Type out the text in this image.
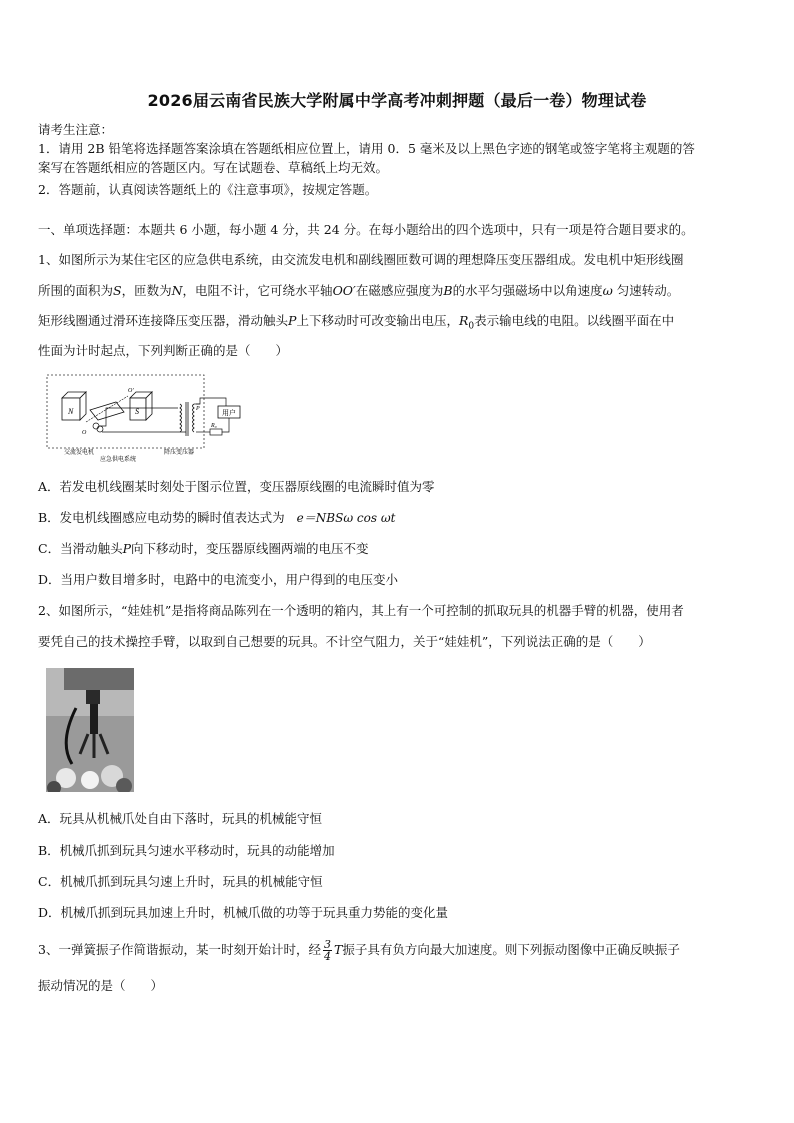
2026届云南省民族大学附属中学高考冲刺押题（最后一卷）物理试卷
请考生注意：
1．请用 2B 铅笔将选择题答案涂填在答题纸相应位置上，请用 0．5 毫米及以上黑色字迹的钢笔或签字笔将主观题的答
案写在答题纸相应的答题区内。写在试题卷、草稿纸上均无效。
2．答题前，认真阅读答题纸上的《注意事项》，按规定答题。
一、单项选择题：本题共 6 小题，每小题 4 分，共 24 分。在每小题给出的四个选项中，只有一项是符合题目要求的。
1、如图所示为某住宅区的应急供电系统，由交流发电机和副线圈匝数可调的理想降压变压器组成。发电机中矩形线圈
所围的面积为S，匝数为N，电阻不计，它可绕水平轴OO′在磁感应强度为B的水平匀强磁场中以角速度ω 匀速转动。
矩形线圈通过滑环连接降压变压器，滑动触头P上下移动时可改变输出电压，$R_0$表示输电线的电阻。以线圈平面在中
性面为计时起点，下列判断正确的是（　　）
N	S
O
O′
P
交流发电机	降压变压器
应急供电系统
用户
R₀
A．若发电机线圈某时刻处于图示位置，变压器原线圈的电流瞬时值为零
B．发电机线圈感应电动势的瞬时值表达式为 e＝NBSω cos ωt
C．当滑动触头P向下移动时，变压器原线圈两端的电压不变
D．当用户数目增多时，电路中的电流变小，用户得到的电压变小
2、如图所示，“娃娃机”是指将商品陈列在一个透明的箱内，其上有一个可控制的抓取玩具的机器手臂的机器，使用者
要凭自己的技术操控手臂，以取到自己想要的玩具。不计空气阻力，关于“娃娃机”，下列说法正确的是（　　）
A．玩具从机械爪处自由下落时，玩具的机械能守恒
B．机械爪抓到玩具匀速水平移动时，玩具的动能增加
C．机械爪抓到玩具匀速上升时，玩具的机械能守恒
D．机械爪抓到玩具加速上升时，机械爪做的功等于玩具重力势能的变化量
3、一弹簧振子作简谐振动，某一时刻开始计时，经 $\frac{3}{4}$ T振子具有负方向最大加速度。则下列振动图像中正确反映振子
振动情况的是（　　）
